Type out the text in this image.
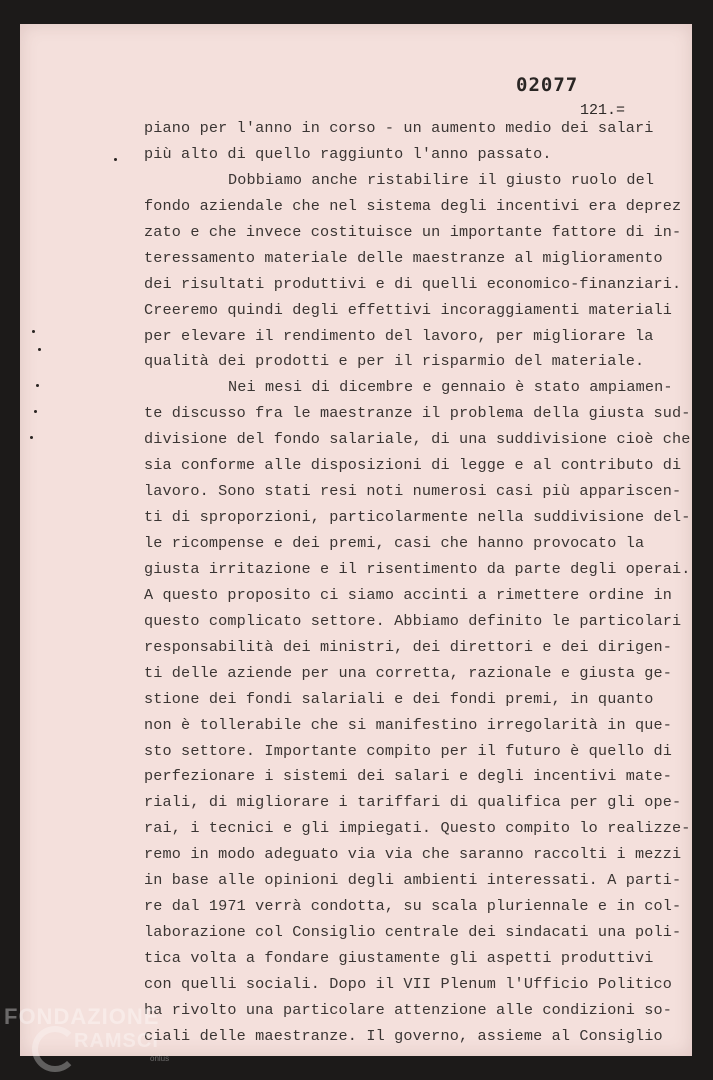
02077

121.=

piano per l'anno in corso - un aumento medio dei salari
più alto di quello raggiunto l'anno passato.
Dobbiamo anche ristabilire il giusto ruolo del
fondo aziendale che nel sistema degli incentivi era deprez
zato e che invece costituisce un importante fattore di in-
teressamento materiale delle maestranze al miglioramento
dei risultati produttivi e di quelli economico-finanziari.
Creeremo quindi degli effettivi incoraggiamenti materiali
per elevare il rendimento del lavoro, per migliorare la
qualità dei prodotti e per il risparmio del materiale.
Nei mesi di dicembre e gennaio è stato ampiamen-
te discusso fra le maestranze il problema della giusta sud-
divisione del fondo salariale, di una suddivisione cioè che
sia conforme alle disposizioni di legge e al contributo di
lavoro. Sono stati resi noti numerosi casi più appariscen-
ti di sproporzioni, particolarmente nella suddivisione del-
le ricompense e dei premi, casi che hanno provocato la
giusta irritazione e il risentimento da parte degli operai.
A questo proposito ci siamo accinti a rimettere ordine in
questo complicato settore. Abbiamo definito le particolari
responsabilità dei ministri, dei direttori e dei dirigen-
ti delle aziende per una corretta, razionale e giusta ge-
stione dei fondi salariali e dei fondi premi, in quanto
non è tollerabile che si manifestino irregolarità in que-
sto settore. Importante compito per il futuro è quello di
perfezionare i sistemi dei salari e degli incentivi mate-
riali, di migliorare i tariffari di qualifica per gli ope-
rai, i tecnici e gli impiegati. Questo compito lo realizze-
remo in modo adeguato via via che saranno raccolti i mezzi
in base alle opinioni degli ambienti interessati. A parti-
re dal 1971 verrà condotta, su scala pluriennale e in col-
laborazione col Consiglio centrale dei sindacati una poli-
tica volta a fondare giustamente gli aspetti produttivi
con quelli sociali. Dopo il VII Plenum l'Ufficio Politico
ha rivolto una particolare attenzione alle condizioni so-
ciali delle maestranze. Il governo, assieme al Consiglio
FONDAZIONE
RAMSCI
onlus
